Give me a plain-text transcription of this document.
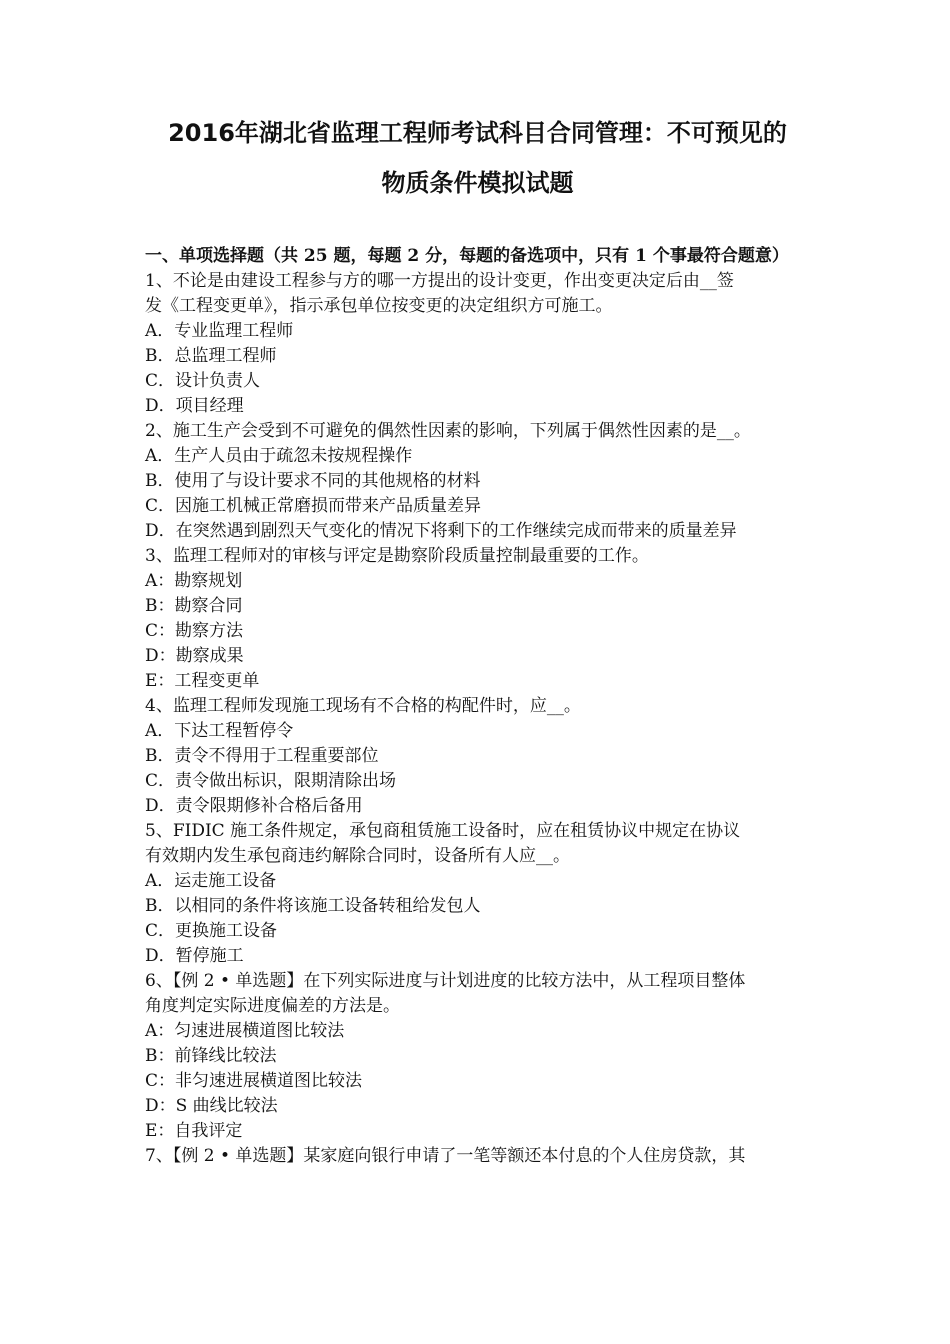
2016年湖北省监理工程师考试科目合同管理：不可预见的
物质条件模拟试题

一、单项选择题（共 25 题，每题 2 分，每题的备选项中，只有 1 个事最符合题意）

1、不论是由建设工程参与方的哪一方提出的设计变更，作出变更决定后由__签

发《工程变更单》，指示承包单位按变更的决定组织方可施工。

A．专业监理工程师

B．总监理工程师

C．设计负责人

D．项目经理

2、施工生产会受到不可避免的偶然性因素的影响，下列属于偶然性因素的是__。

A．生产人员由于疏忽未按规程操作

B．使用了与设计要求不同的其他规格的材料

C．因施工机械正常磨损而带来产品质量差异

D．在突然遇到剧烈天气变化的情况下将剩下的工作继续完成而带来的质量差异

3、监理工程师对的审核与评定是勘察阶段质量控制最重要的工作。

A：勘察规划

B：勘察合同

C：勘察方法

D：勘察成果

E：工程变更单

4、监理工程师发现施工现场有不合格的构配件时，应__。

A．下达工程暂停令

B．责令不得用于工程重要部位

C．责令做出标识，限期清除出场

D．责令限期修补合格后备用

5、FIDIC 施工条件规定，承包商租赁施工设备时，应在租赁协议中规定在协议

有效期内发生承包商违约解除合同时，设备所有人应__。

A．运走施工设备

B．以相同的条件将该施工设备转租给发包人

C．更换施工设备

D．暂停施工

6、【例 2 • 单选题】在下列实际进度与计划进度的比较方法中，从工程项目整体

角度判定实际进度偏差的方法是。

A：匀速进展横道图比较法

B：前锋线比较法

C：非匀速进展横道图比较法

D：S 曲线比较法

E：自我评定

7、【例 2 • 单选题】某家庭向银行申请了一笔等额还本付息的个人住房贷款，其
